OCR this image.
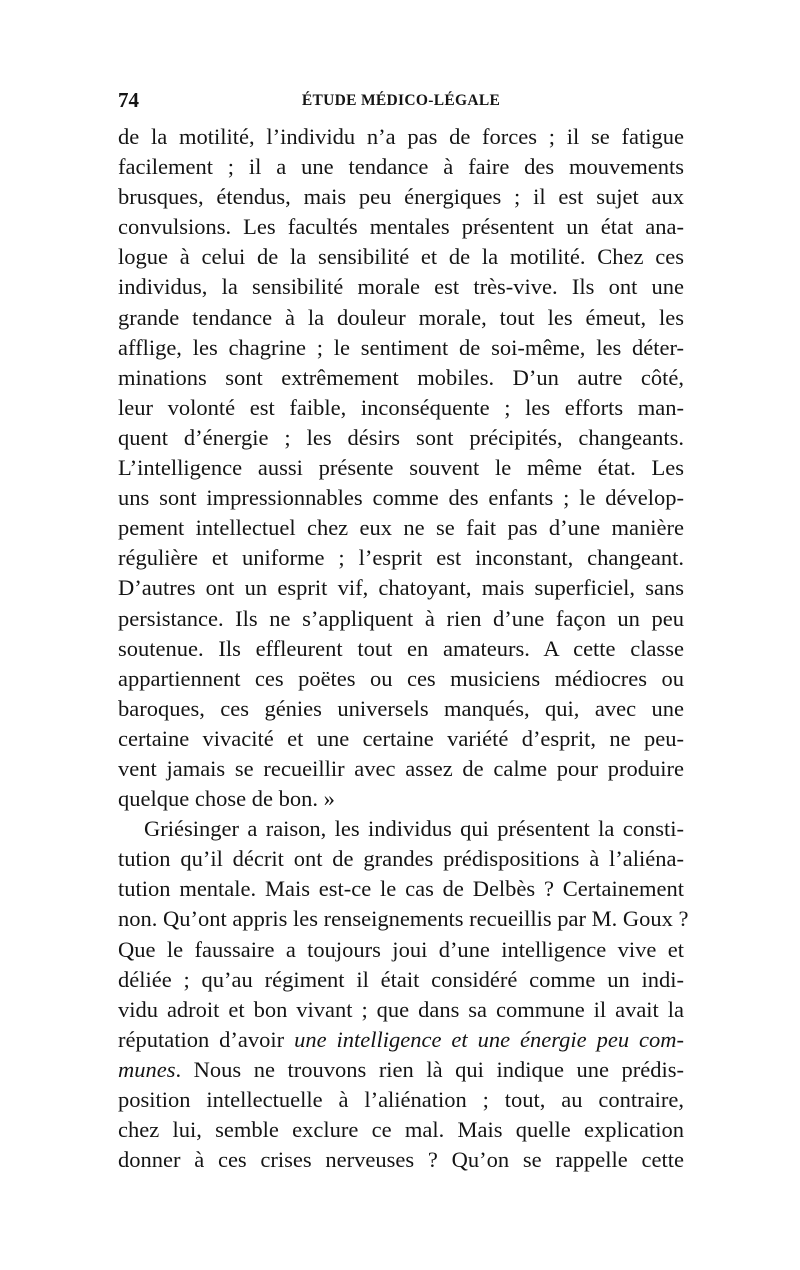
74	ÉTUDE MÉDICO-LÉGALE
de la motilité, l’individu n’a pas de forces ; il se fatigue
facilement ; il a une tendance à faire des mouvements
brusques, étendus, mais peu énergiques ; il est sujet aux
convulsions. Les facultés mentales présentent un état ana-
logue à celui de la sensibilité et de la motilité. Chez ces
individus, la sensibilité morale est très-vive. Ils ont une
grande tendance à la douleur morale, tout les émeut, les
afflige, les chagrine ; le sentiment de soi-même, les déter-
minations sont extrêmement mobiles. D’un autre côté,
leur volonté est faible, inconséquente ; les efforts man-
quent d’énergie ; les désirs sont précipités, changeants.
L’intelligence aussi présente souvent le même état. Les
uns sont impressionnables comme des enfants ; le dévelop-
pement intellectuel chez eux ne se fait pas d’une manière
régulière et uniforme ; l’esprit est inconstant, changeant.
D’autres ont un esprit vif, chatoyant, mais superficiel, sans
persistance. Ils ne s’appliquent à rien d’une façon un peu
soutenue. Ils effleurent tout en amateurs. A cette classe
appartiennent ces poëtes ou ces musiciens médiocres ou
baroques, ces génies universels manqués, qui, avec une
certaine vivacité et une certaine variété d’esprit, ne peu-
vent jamais se recueillir avec assez de calme pour produire
quelque chose de bon. »
Griésinger a raison, les individus qui présentent la consti-
tution qu’il décrit ont de grandes prédispositions à l’aliéna-
tution mentale. Mais est-ce le cas de Delbès ? Certainement
non. Qu’ont appris les renseignements recueillis par M. Goux ?
Que le faussaire a toujours joui d’une intelligence vive et
déliée ; qu’au régiment il était considéré comme un indi-
vidu adroit et bon vivant ; que dans sa commune il avait la
réputation d’avoir une intelligence et une énergie peu com-
munes. Nous ne trouvons rien là qui indique une prédis-
position intellectuelle à l’aliénation ; tout, au contraire,
chez lui, semble exclure ce mal. Mais quelle explication
donner à ces crises nerveuses ? Qu’on se rappelle cette
